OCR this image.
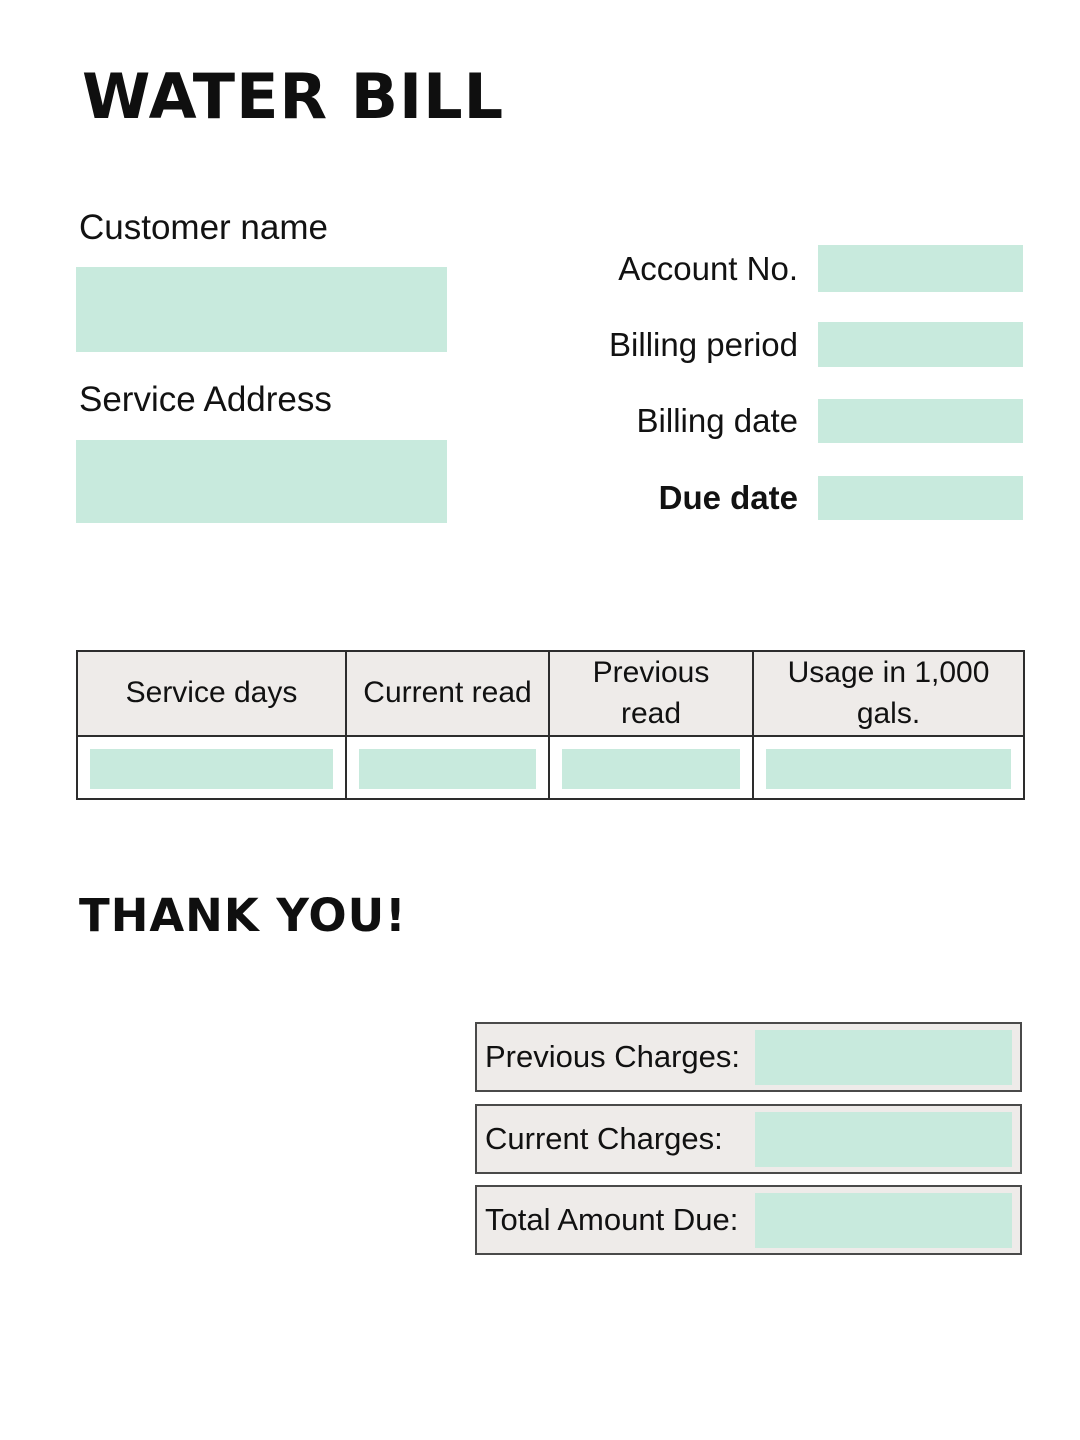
WATER BILL
Customer name
Service Address
Account No.
Billing period
Billing date
Due date
Service days	Current read	Previous read	Usage in 1,000 gals.

THANK YOU!
Previous Charges:
Current Charges:
Total Amount Due:
